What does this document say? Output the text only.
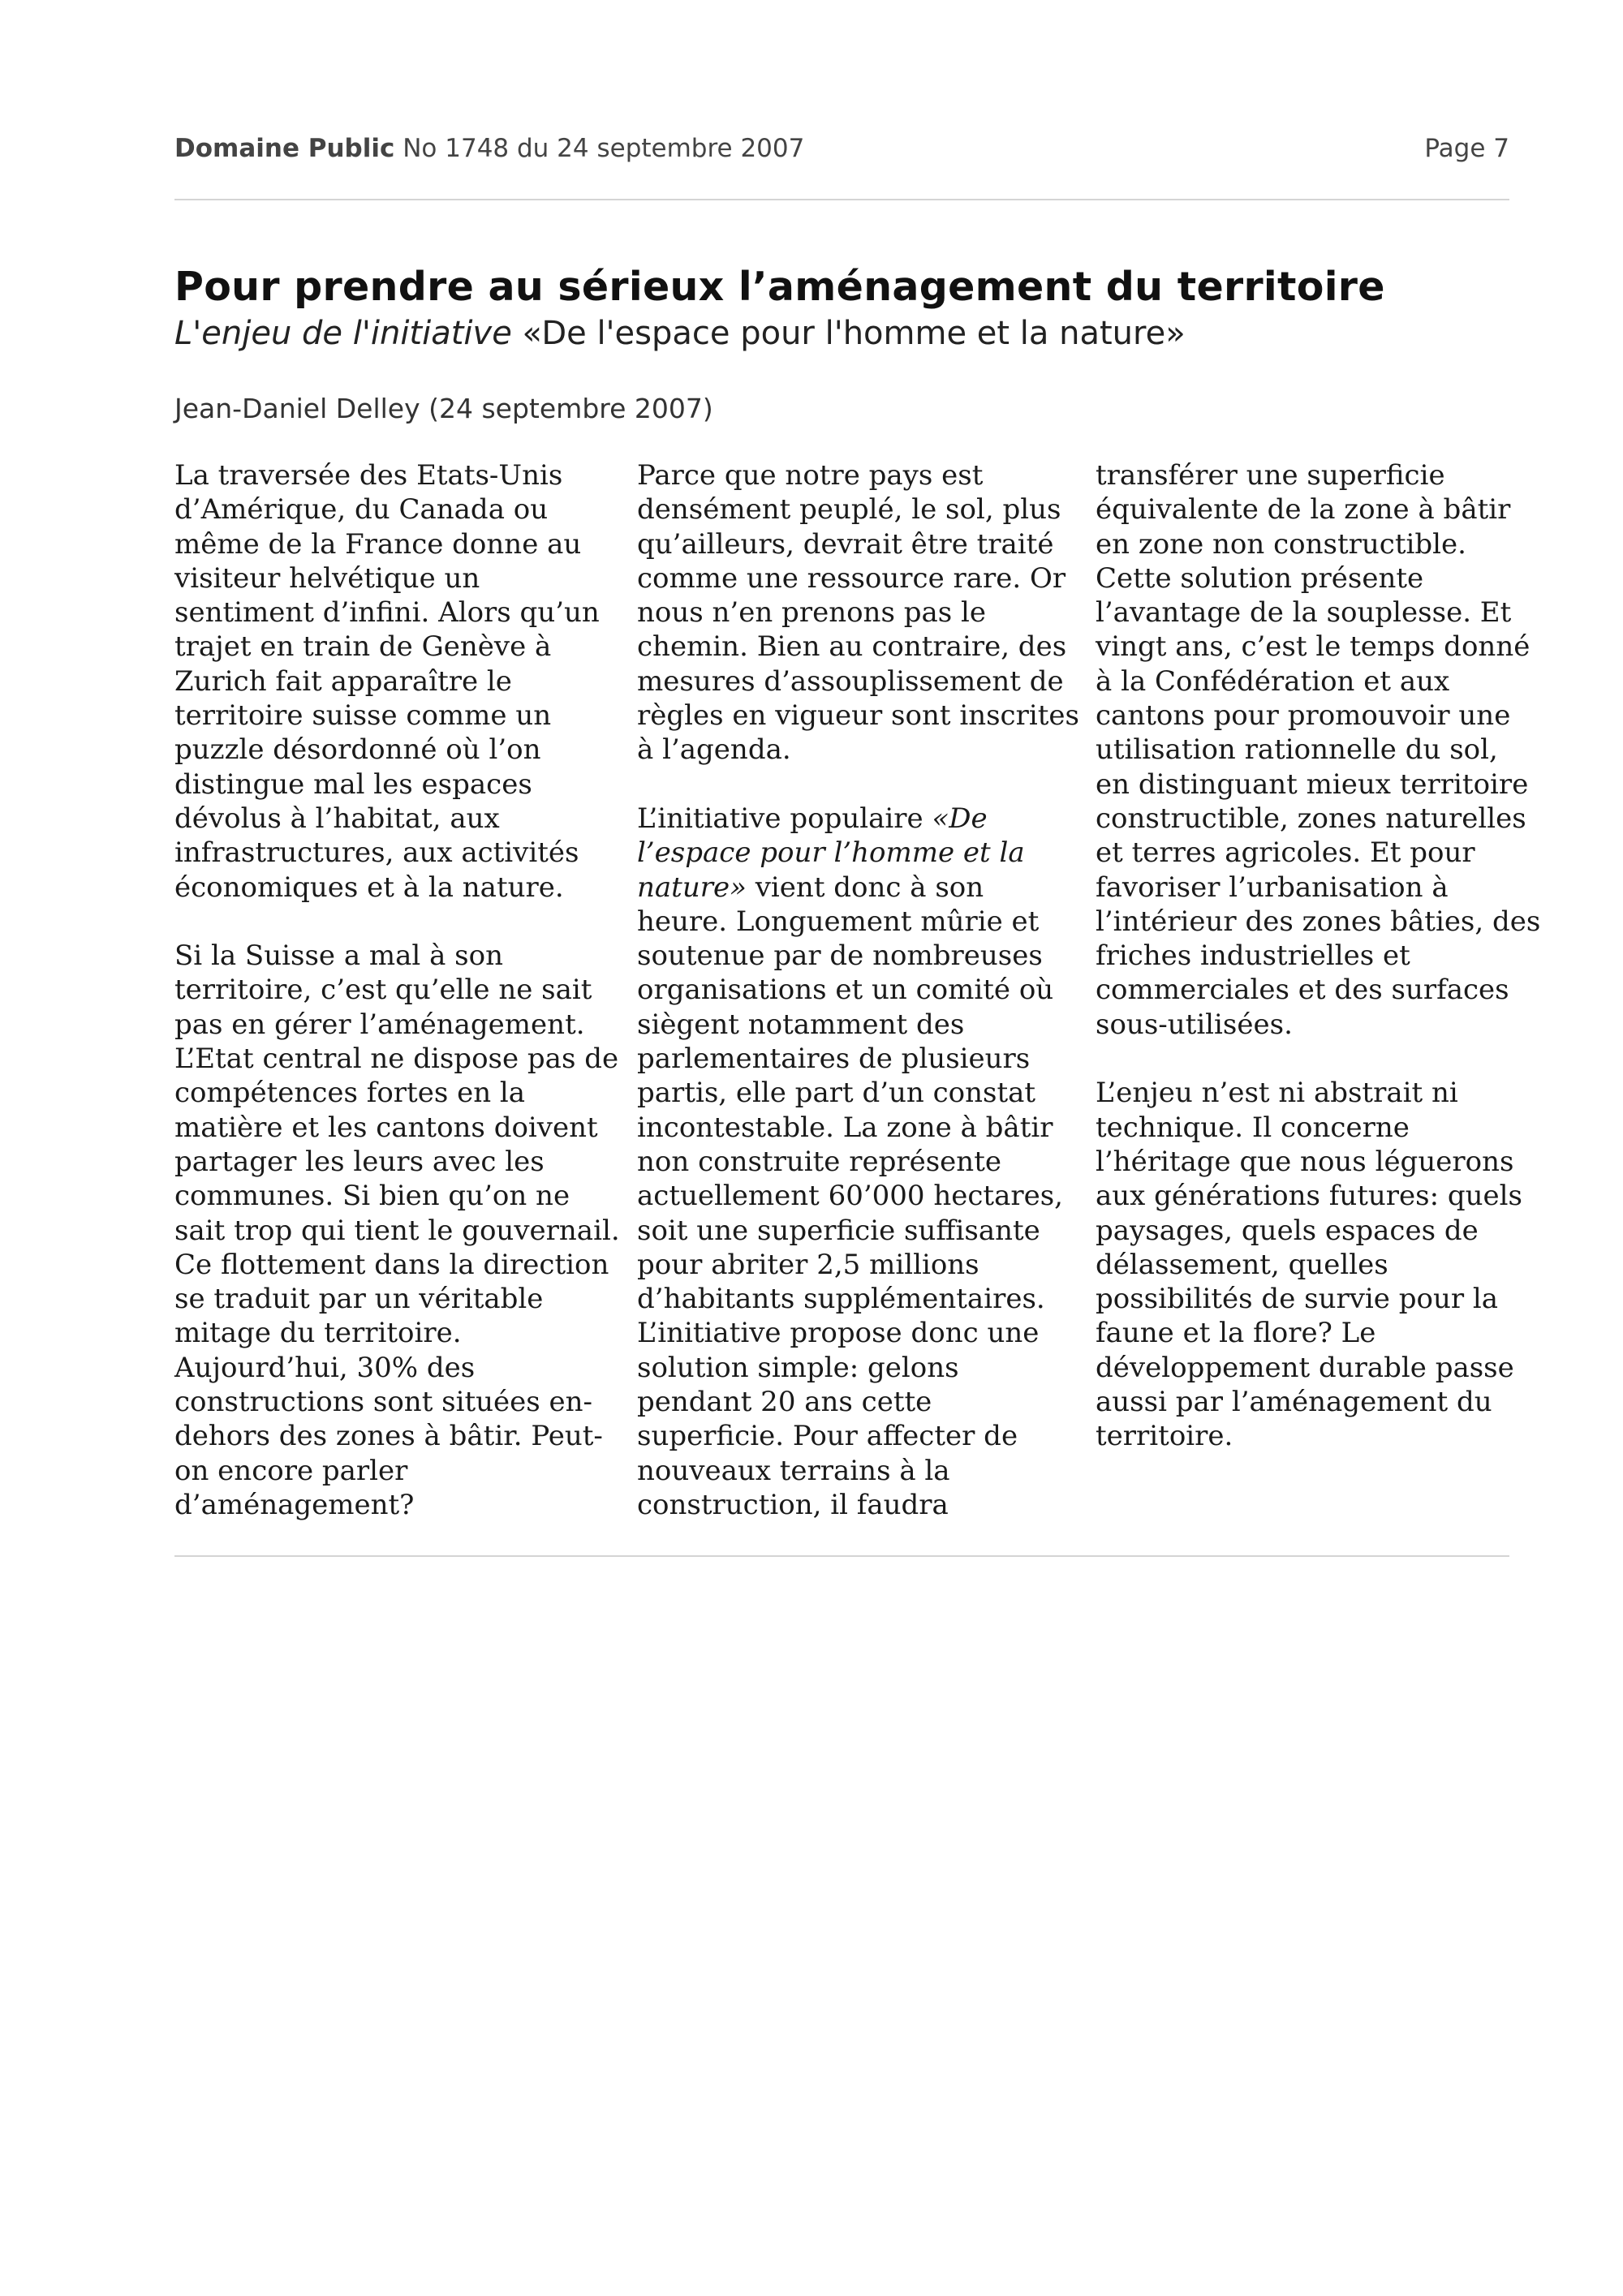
Domaine Public No 1748 du 24 septembre 2007	Page 7
Pour prendre au sérieux l’aménagement du territoire
L'enjeu de l'initiative «De l'espace pour l'homme et la nature»
Jean-Daniel Delley (24 septembre 2007)
La traversée des Etats-Unis
d’Amérique, du Canada ou
même de la France donne au
visiteur helvétique un
sentiment d’infini. Alors qu’un
trajet en train de Genève à
Zurich fait apparaître le
territoire suisse comme un
puzzle désordonné où l’on
distingue mal les espaces
dévolus à l’habitat, aux
infrastructures, aux activités
économiques et à la nature.
Si la Suisse a mal à son
territoire, c’est qu’elle ne sait
pas en gérer l’aménagement.
L’Etat central ne dispose pas de
compétences fortes en la
matière et les cantons doivent
partager les leurs avec les
communes. Si bien qu’on ne
sait trop qui tient le gouvernail.
Ce flottement dans la direction
se traduit par un véritable
mitage du territoire.
Aujourd’hui, 30% des
constructions sont situées en-
dehors des zones à bâtir. Peut-
on encore parler
d’aménagement?
Parce que notre pays est
densément peuplé, le sol, plus
qu’ailleurs, devrait être traité
comme une ressource rare. Or
nous n’en prenons pas le
chemin. Bien au contraire, des
mesures d’assouplissement de
règles en vigueur sont inscrites
à l’agenda.
L’initiative populaire «De
l’espace pour l’homme et la
nature» vient donc à son
heure. Longuement mûrie et
soutenue par de nombreuses
organisations et un comité où
siègent notamment des
parlementaires de plusieurs
partis, elle part d’un constat
incontestable. La zone à bâtir
non construite représente
actuellement 60’000 hectares,
soit une superficie suffisante
pour abriter 2,5 millions
d’habitants supplémentaires.
L’initiative propose donc une
solution simple: gelons
pendant 20 ans cette
superficie. Pour affecter de
nouveaux terrains à la
construction, il faudra
transférer une superficie
équivalente de la zone à bâtir
en zone non constructible.
Cette solution présente
l’avantage de la souplesse. Et
vingt ans, c’est le temps donné
à la Confédération et aux
cantons pour promouvoir une
utilisation rationnelle du sol,
en distinguant mieux territoire
constructible, zones naturelles
et terres agricoles. Et pour
favoriser l’urbanisation à
l’intérieur des zones bâties, des
friches industrielles et
commerciales et des surfaces
sous-utilisées.
L’enjeu n’est ni abstrait ni
technique. Il concerne
l’héritage que nous léguerons
aux générations futures: quels
paysages, quels espaces de
délassement, quelles
possibilités de survie pour la
faune et la flore? Le
développement durable passe
aussi par l’aménagement du
territoire.
